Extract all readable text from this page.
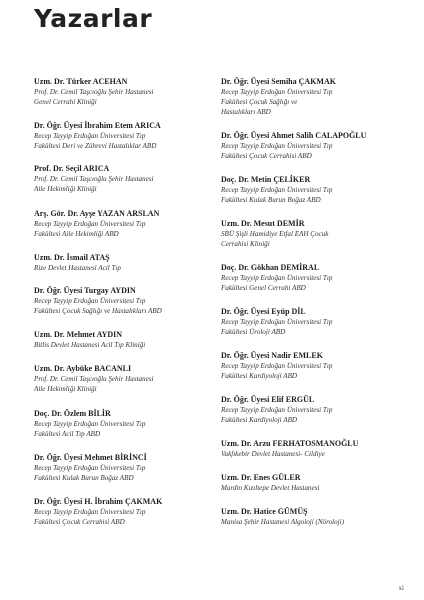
Yazarlar
Uzm. Dr. Türker ACEHAN
Prof. Dr. Cemil Taşcıoğlu Şehir Hastanesi
Genel Cerrahi Kliniği
Dr. Öğr. Üyesi İbrahim Etem ARICA
Recep Tayyip Erdoğan Üniversitesi Tıp
Fakültesi Deri ve Zührevi Hastalıklar ABD
Prof. Dr. Seçil ARICA
Prof. Dr. Cemil Taşcıoğlu Şehir Hastanesi
Aile Hekimliği Kliniği
Arş. Gör. Dr. Ayşe YAZAN ARSLAN
Recep Tayyip Erdoğan Üniversitesi Tıp
Fakültesi Aile Hekimliği ABD
Uzm. Dr. İsmail ATAŞ
Rize Devlet Hastanesi Acil Tıp
Dr. Öğr. Üyesi Turgay AYDIN
Recep Tayyip Erdoğan Üniversitesi Tıp
Fakültesi Çocuk Sağlığı ve Hastalıkları ABD
Uzm. Dr. Mehmet AYDIN
Bitlis Devlet Hastanesi Acil Tıp Kliniği
Uzm. Dr. Aybüke BACANLI
Prof. Dr. Cemil Taşcıoğlu Şehir Hastanesi
Aile Hekimliği Kliniği
Doç. Dr. Özlem BİLİR
Recep Tayyip Erdoğan Üniversitesi Tıp
Fakültesi Acil Tıp ABD
Dr. Öğr. Üyesi Mehmet BİRİNCİ
Recep Tayyip Erdoğan Üniversitesi Tıp
Fakültesi Kulak Burun Boğaz ABD
Dr. Öğr. Üyesi H. İbrahim ÇAKMAK
Recep Tayyip Erdoğan Üniversitesi Tıp
Fakültesi Çocuk Cerrahisi ABD
Dr. Öğr. Üyesi Semiha ÇAKMAK
Recep Tayyip Erdoğan Üniversitesi Tıp
Fakültesi Çocuk Sağlığı ve
Hastalıkları ABD
Dr. Öğr. Üyesi Ahmet Salih CALAPOĞLU
Recep Tayyip Erdoğan Üniversitesi Tıp
Fakültesi Çocuk Cerrahisi ABD
Doç. Dr. Metin ÇELİKER
Recep Tayyip Erdoğan Üniversitesi Tıp
Fakültesi Kulak Burun Boğaz ABD
Uzm. Dr. Mesut DEMİR
SBÜ Şişli Hamidiye Etfal EAH Çocuk
Cerrahisi Kliniği
Doç. Dr. Gökhan DEMİRAL
Recep Tayyip Erdoğan Üniversitesi Tıp
Fakültesi Genel Cerrahi ABD
Dr. Öğr. Üyesi Eyüp DİL
Recep Tayyip Erdoğan Üniversitesi Tıp
Fakültesi Üroloji ABD
Dr. Öğr. Üyesi Nadir EMLEK
Recep Tayyip Erdoğan Üniversitesi Tıp
Fakültesi Kardiyoloji ABD
Dr. Öğr. Üyesi Elif ERGÜL
Recep Tayyip Erdoğan Üniversitesi Tıp
Fakültesi Kardiyoloji ABD
Uzm. Dr. Arzu FERHATOSMANOĞLU
Vakfıkebir Devlet Hastanesi- Cildiye
Uzm. Dr. Enes GÜLER
Mardin Kızıltepe Devlet Hastanesi
Uzm. Dr. Hatice GÜMÜŞ
Manisa Şehir Hastanesi Algoloji (Nöroloji)
xi
